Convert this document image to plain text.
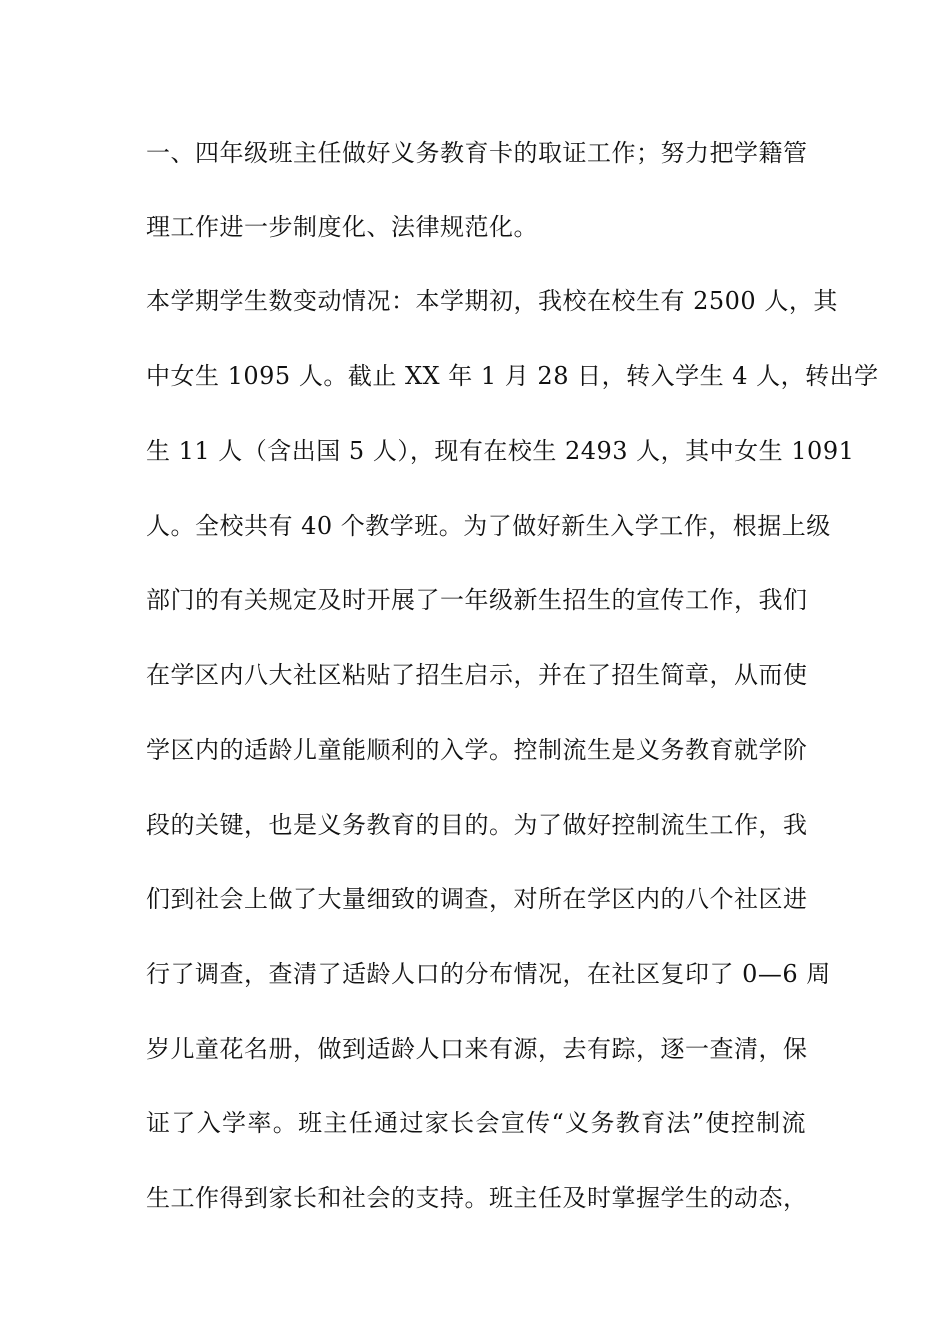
一、四年级班主任做好义务教育卡的取证工作；努力把学籍管
理工作进一步制度化、法律规范化。
本学期学生数变动情况：本学期初，我校在校生有 2500 人，其
中女生 1095 人。截止 XX 年 1 月 28 日，转入学生 4 人，转出学
生 11 人（含出国 5 人），现有在校生 2493 人，其中女生 1091
人。全校共有 40 个教学班。为了做好新生入学工作，根据上级
部门的有关规定及时开展了一年级新生招生的宣传工作，我们
在学区内八大社区粘贴了招生启示，并在了招生简章，从而使
学区内的适龄儿童能顺利的入学。控制流生是义务教育就学阶
段的关键，也是义务教育的目的。为了做好控制流生工作，我
们到社会上做了大量细致的调查，对所在学区内的八个社区进
行了调查，查清了适龄人口的分布情况，在社区复印了 0—6 周
岁儿童花名册，做到适龄人口来有源，去有踪，逐一查清，保
证了入学率。班主任通过家长会宣传“义务教育法”使控制流
生工作得到家长和社会的支持。班主任及时掌握学生的动态，
